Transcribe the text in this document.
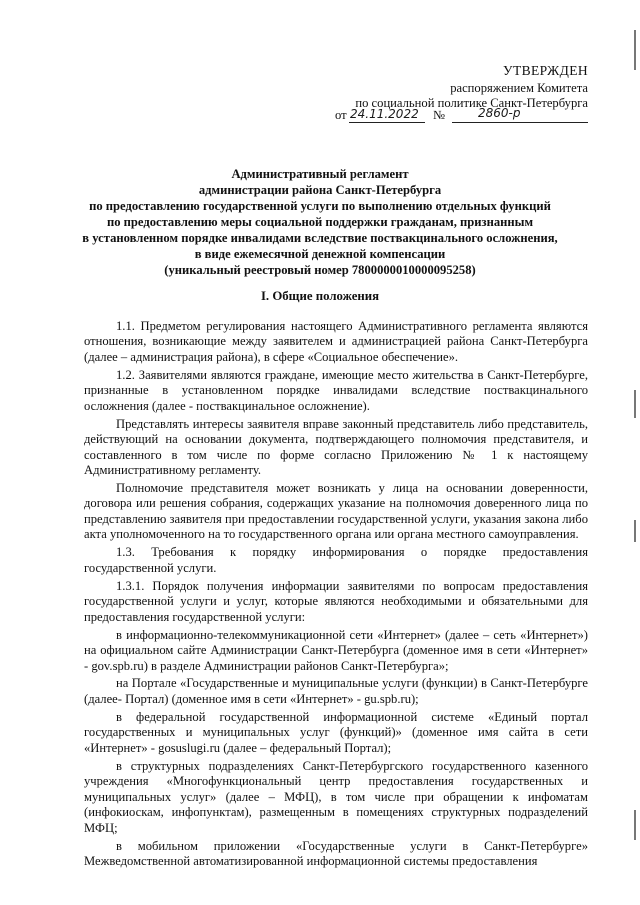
УТВЕРЖДЕН
распоряжением Комитета
по социальной политике Санкт-Петербурга
от 24.11.2022 №	2860-р
Административный регламент
администрации района Санкт-Петербурга
по предоставлению государственной услуги по выполнению отдельных функций
по предоставлению меры социальной поддержки гражданам, признанным
в установленном порядке инвалидами вследствие поствакцинального осложнения,
в виде ежемесячной денежной компенсации
(уникальный реестровый номер 7800000010000095258)
I. Общие положения

1.1. Предметом регулирования настоящего Административного регламента являются отношения, возникающие между заявителем и администрацией района Санкт-Петербурга (далее – администрация района), в сфере «Социальное обеспечение».

1.2. Заявителями являются граждане, имеющие место жительства в Санкт-Петербурге, признанные в установленном порядке инвалидами вследствие поствакцинального осложнения (далее - поствакцинальное осложнение).

Представлять интересы заявителя вправе законный представитель либо представитель, действующий на основании документа, подтверждающего полномочия представителя, и составленного в том числе по форме согласно Приложению № 1 к настоящему Административному регламенту.

Полномочие представителя может возникать у лица на основании доверенности, договора или решения собрания, содержащих указание на полномочия доверенного лица по представлению заявителя при предоставлении государственной услуги, указания закона либо акта уполномоченного на то государственного органа или органа местного самоуправления.

1.3. Требования к порядку информирования о порядке предоставления государственной услуги.

1.3.1. Порядок получения информации заявителями по вопросам предоставления государственной услуги и услуг, которые являются необходимыми и обязательными для предоставления государственной услуги:

в информационно-телекоммуникационной сети «Интернет» (далее – сеть «Интернет») на официальном сайте Администрации Санкт-Петербурга (доменное имя в сети «Интернет» - gov.spb.ru) в разделе Администрации районов Санкт-Петербурга»;

на Портале «Государственные и муниципальные услуги (функции) в Санкт-Петербурге (далее- Портал) (доменное имя в сети «Интернет» - gu.spb.ru);

в федеральной государственной информационной системе «Единый портал государственных и муниципальных услуг (функций)» (доменное имя сайта в сети «Интернет» - gosuslugi.ru (далее – федеральный Портал);

в структурных подразделениях Санкт-Петербургского государственного казенного учреждения «Многофункциональный центр предоставления государственных и муниципальных услуг» (далее – МФЦ), в том числе при обращении к инфоматам (инфокиоскам, инфопунктам), размещенным в помещениях структурных подразделений МФЦ;

в мобильном приложении «Государственные услуги в Санкт-Петербурге» Межведомственной автоматизированной информационной системы предоставления
